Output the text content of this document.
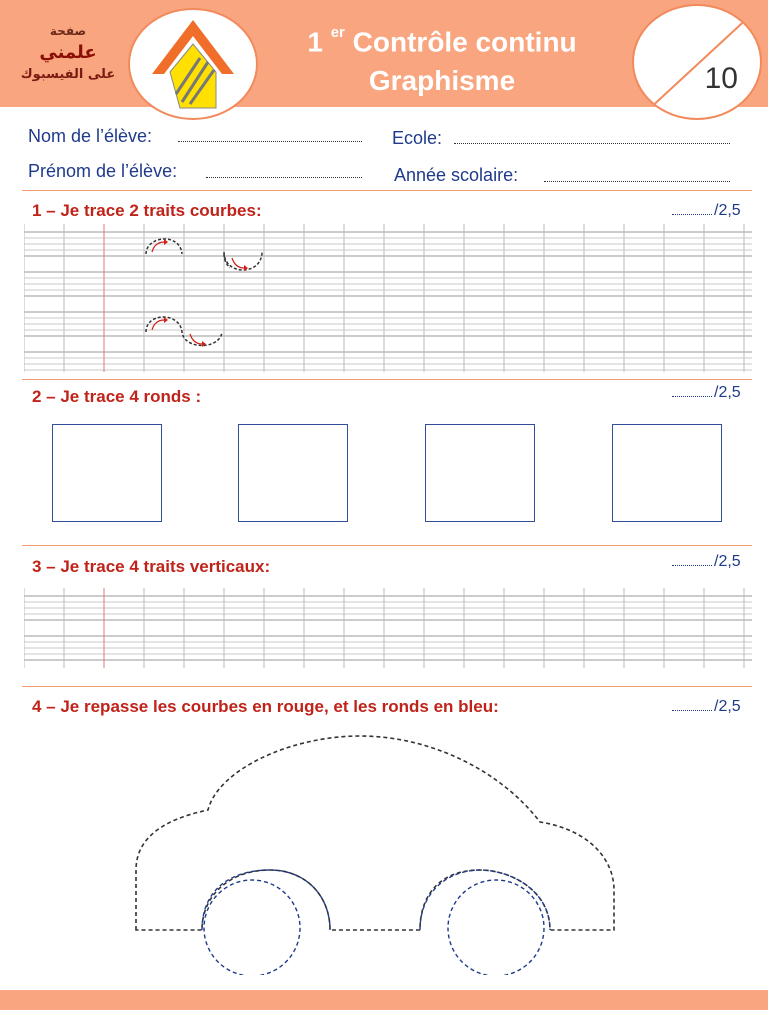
صفحة
علمني
على الفيسبوك
1 $^{er}$ Contrôle continu
Graphisme	10
Nom de l’élève:	Ecole:
Prénom de l’élève:	Année scolaire:
1 – Je trace 2 traits courbes:	/2,5
2 – Je trace 4 ronds :	/2,5
3 – Je trace 4 traits verticaux:	/2,5
4 – Je repasse les courbes en rouge, et les ronds en bleu:	/2,5
